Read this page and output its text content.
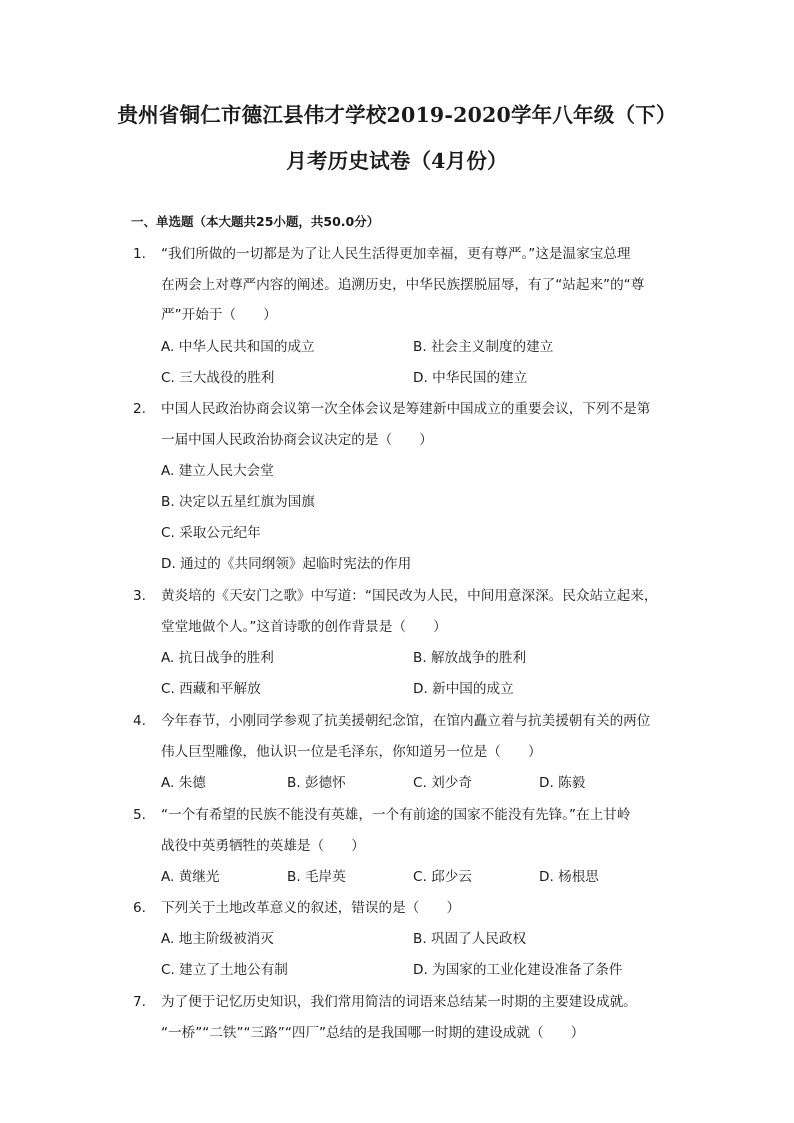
贵州省铜仁市德江县伟才学校2019-2020学年八年级（下）
月考历史试卷（4月份）
一、单选题（本大题共25小题，共50.0分）
1. “我们所做的一切都是为了让人民生活得更加幸福，更有尊严。”这是温家宝总理
在两会上对尊严内容的阐述。追溯历史，中华民族摆脱屈辱，有了“站起来”的“尊
严”开始于（　　）
A. 中华人民共和国的成立	B. 社会主义制度的建立
C. 三大战役的胜利	D. 中华民国的建立
2. 中国人民政治协商会议第一次全体会议是筹建新中国成立的重要会议，下列不是第
一届中国人民政治协商会议决定的是（　　）
A. 建立人民大会堂
B. 决定以五星红旗为国旗
C. 采取公元纪年
D. 通过的《共同纲领》起临时宪法的作用
3. 黄炎培的《天安门之歌》中写道：“国民改为人民，中间用意深深。民众站立起来，
堂堂地做个人。”这首诗歌的创作背景是（　　）
A. 抗日战争的胜利	B. 解放战争的胜利
C. 西藏和平解放	D. 新中国的成立
4. 今年春节，小刚同学参观了抗美援朝纪念馆，在馆内矗立着与抗美援朝有关的两位
伟人巨型雕像，他认识一位是毛泽东，你知道另一位是（　　）
A. 朱德	B. 彭德怀	C. 刘少奇	D. 陈毅
5. “一个有希望的民族不能没有英雄，一个有前途的国家不能没有先锋。”在上甘岭
战役中英勇牺牲的英雄是（　　）
A. 黄继光	B. 毛岸英	C. 邱少云	D. 杨根思
6. 下列关于土地改革意义的叙述，错误的是（　　）
A. 地主阶级被消灭	B. 巩固了人民政权
C. 建立了土地公有制	D. 为国家的工业化建设准备了条件
7. 为了便于记忆历史知识，我们常用简洁的词语来总结某一时期的主要建设成就。
“一桥”“二铁”“三路”“四厂”总结的是我国哪一时期的建设成就（　　）
